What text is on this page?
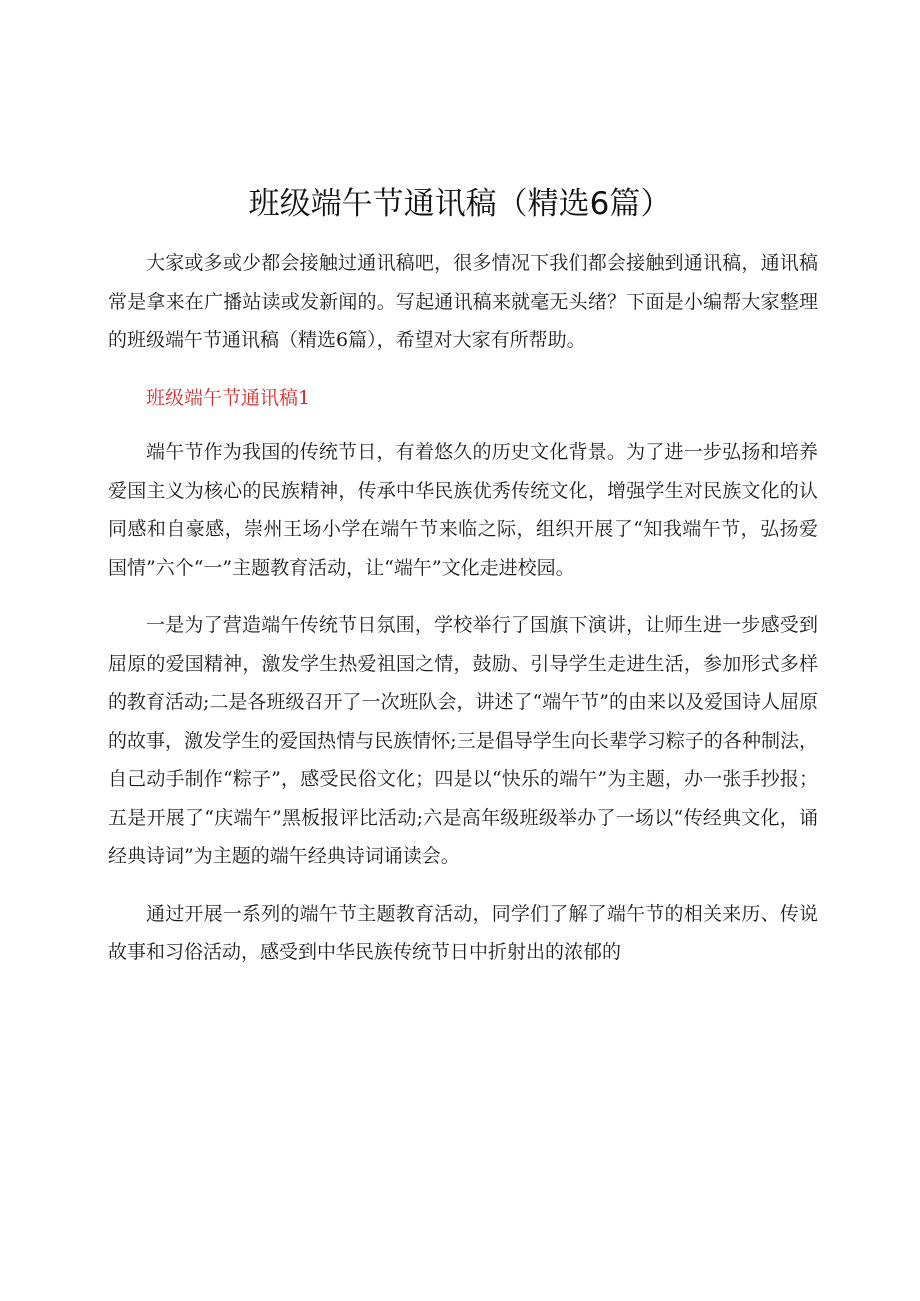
班级端午节通讯稿（精选6篇）

大家或多或少都会接触过通讯稿吧，很多情况下我们都会接触到通讯稿，通讯稿常是拿来在广播站读或发新闻的。写起通讯稿来就毫无头绪？下面是小编帮大家整理的班级端午节通讯稿（精选6篇），希望对大家有所帮助。

班级端午节通讯稿1

端午节作为我国的传统节日，有着悠久的历史文化背景。为了进一步弘扬和培养爱国主义为核心的民族精神，传承中华民族优秀传统文化，增强学生对民族文化的认同感和自豪感，崇州王场小学在端午节来临之际，组织开展了“知我端午节，弘扬爱国情”六个“一”主题教育活动，让“端午”文化走进校园。

一是为了营造端午传统节日氛围，学校举行了国旗下演讲，让师生进一步感受到屈原的爱国精神，激发学生热爱祖国之情，鼓励、引导学生走进生活，参加形式多样的教育活动;二是各班级召开了一次班队会，讲述了“端午节”的由来以及爱国诗人屈原的故事，激发学生的爱国热情与民族情怀;三是倡导学生向长辈学习粽子的各种制法，自己动手制作“粽子”，感受民俗文化；四是以“快乐的端午”为主题，办一张手抄报；五是开展了“庆端午”黑板报评比活动;六是高年级班级举办了一场以“传经典文化，诵经典诗词”为主题的端午经典诗词诵读会。

通过开展一系列的端午节主题教育活动，同学们了解了端午节的相关来历、传说故事和习俗活动，感受到中华民族传统节日中折射出的浓郁的
